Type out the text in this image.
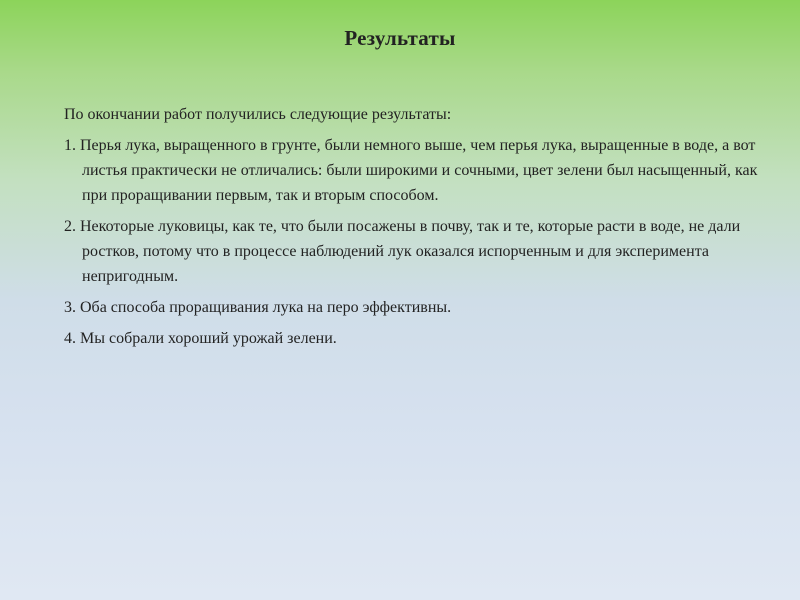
Результаты

По окончании работ получились следующие результаты:

1. Перья лука, выращенного в грунте, были немного выше, чем перья лука, выращенные в воде, а вот листья практически не отличались: были широкими и сочными, цвет зелени был насыщенный, как при проращивании первым, так и вторым способом.

2. Некоторые луковицы, как те, что были посажены в почву, так и те, которые расти в воде, не дали ростков, потому что в процессе наблюдений лук оказался испорченным и для эксперимента непригодным.

3. Оба способа проращивания лука на перо эффективны.

4. Мы собрали хороший урожай зелени.
